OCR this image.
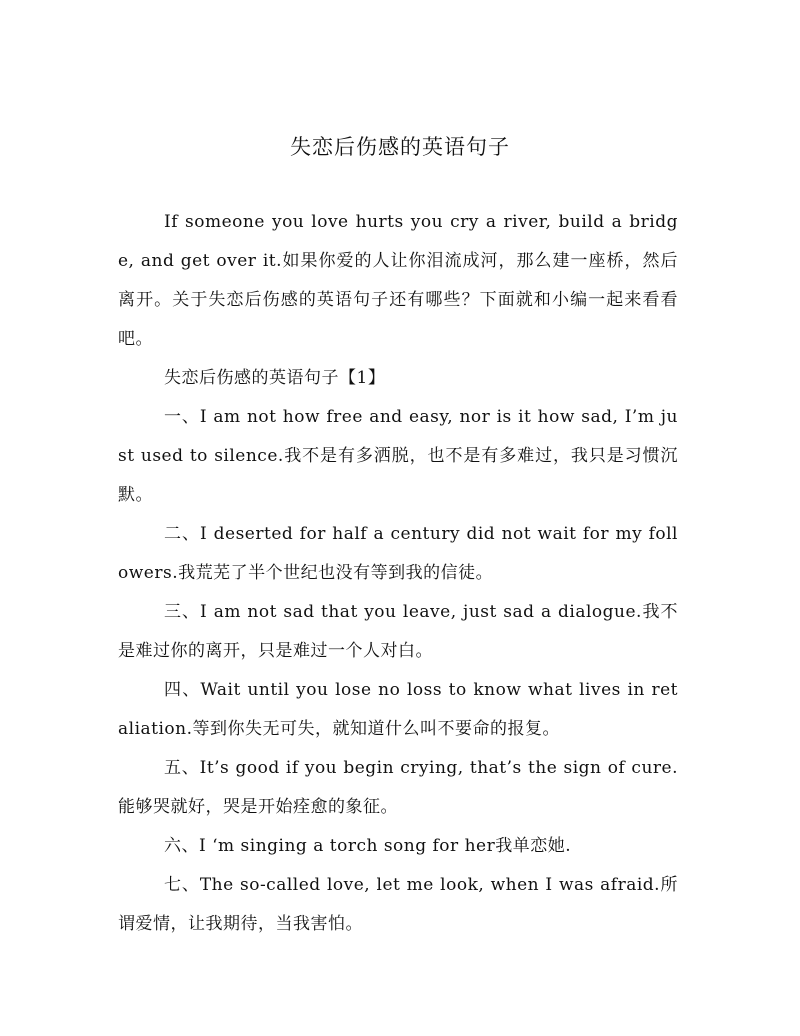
失恋后伤感的英语句子

If someone you love hurts you cry a river, build a bridge, and get over it.如果你爱的人让你泪流成河，那么建一座桥，然后离开。关于失恋后伤感的英语句子还有哪些？下面就和小编一起来看看吧。

失恋后伤感的英语句子【1】

一、I am not how free and easy, nor is it how sad, I’m just used to silence.我不是有多洒脱，也不是有多难过，我只是习惯沉默。

二、I deserted for half a century did not wait for my followers.我荒芜了半个世纪也没有等到我的信徒。

三、I am not sad that you leave, just sad a dialogue.我不是难过你的离开，只是难过一个人对白。

四、Wait until you lose no loss to know what lives in retaliation.等到你失无可失，就知道什么叫不要命的报复。

五、It’s good if you begin crying, that’s the sign of cure. 能够哭就好，哭是开始痊愈的象征。

六、I ‘m singing a torch song for her我单恋她.

七、The so-called love, let me look, when I was afraid.所谓爱情，让我期待，当我害怕。
